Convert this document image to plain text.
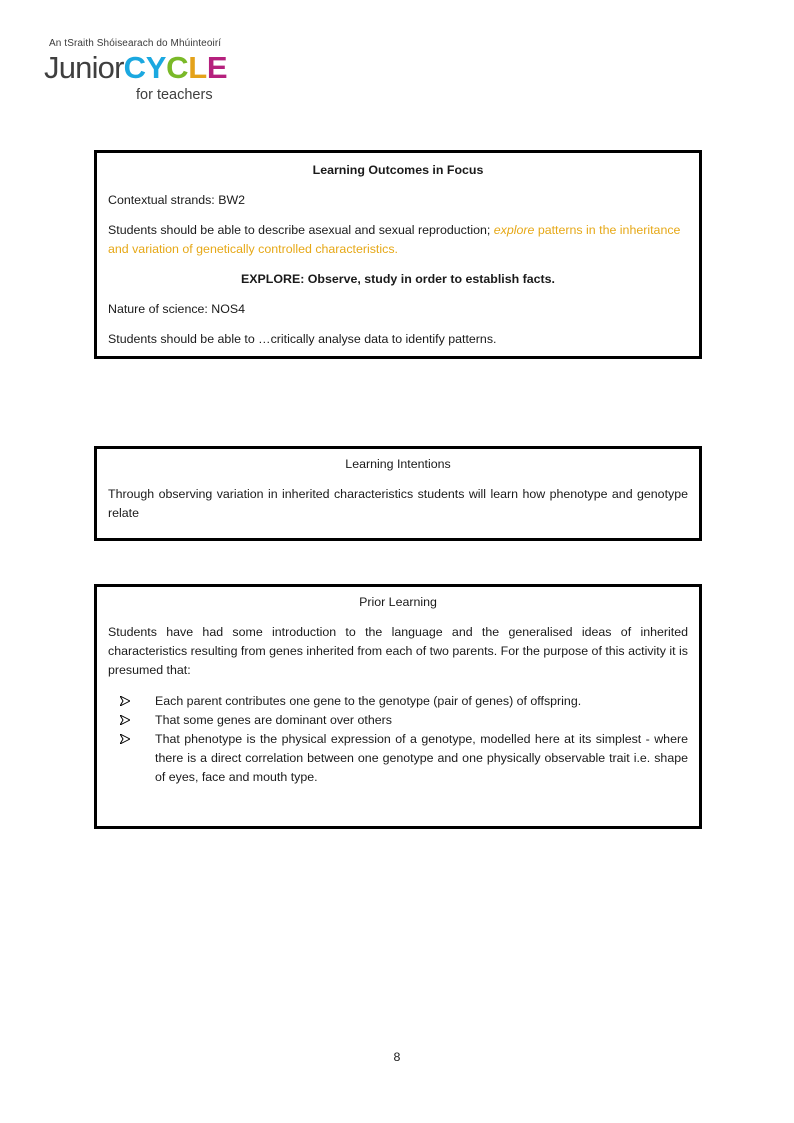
An tSraith Shóisearach do Mhúinteoirí
JuniorCYCLE
for teachers

Learning Outcomes in Focus

Contextual strands: BW2

Students should be able to describe asexual and sexual reproduction; explore patterns in the inheritance and variation of genetically controlled characteristics.

EXPLORE: Observe, study in order to establish facts.

Nature of science: NOS4

Students should be able to …critically analyse data to identify patterns.

Learning Intentions

Through observing variation in inherited characteristics students will learn how phenotype and genotype relate

Prior Learning

Students have had some introduction to the language and the generalised ideas of inherited characteristics resulting from genes inherited from each of two parents. For the purpose of this activity it is presumed that:

Each parent contributes one gene to the genotype (pair of genes) of offspring.
That some genes are dominant over others
That phenotype is the physical expression of a genotype, modelled here at its simplest - where there is a direct correlation between one genotype and one physically observable trait i.e. shape of eyes, face and mouth type.
8
